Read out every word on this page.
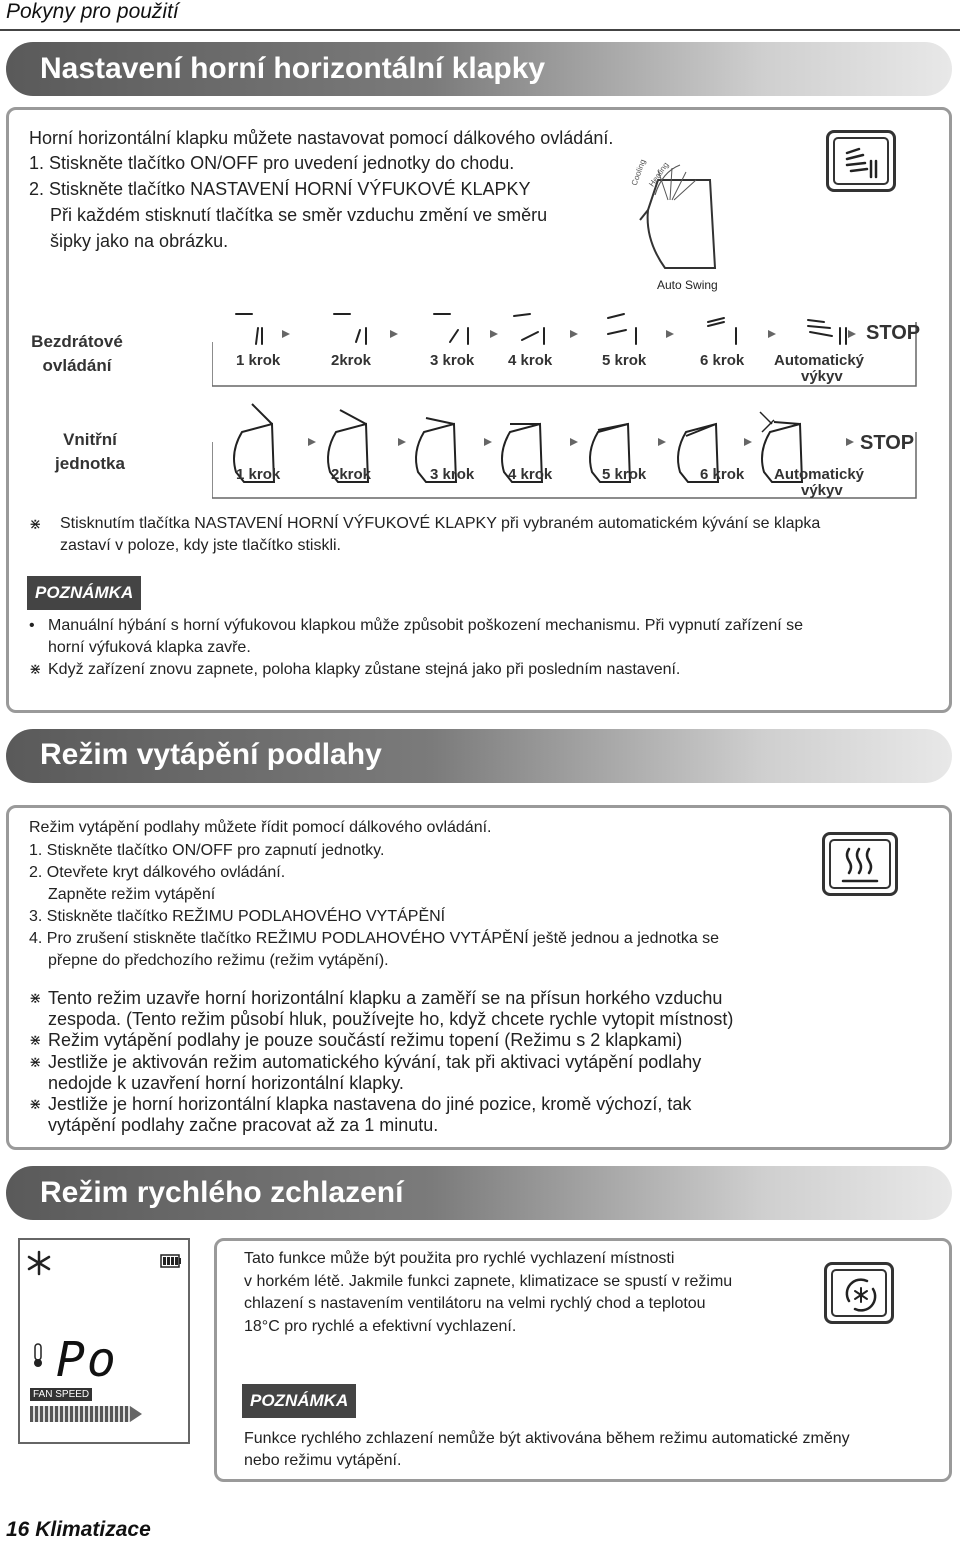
Pokyny pro použití
Nastavení horní horizontální klapky
Horní horizontální klapku můžete nastavovat pomocí dálkového ovládání.
1. Stiskněte tlačítko ON/OFF pro uvedení jednotky do chodu.
2. Stiskněte tlačítko NASTAVENÍ HORNÍ VÝFUKOVÉ KLAPKY
Při každém stisknutí tlačítka se směr vzduchu změní ve směru
šipky jako na obrázku.
Cooling Heating
Auto Swing
Bezdrátové ovládání
STOP
1 krok	2krok	3 krok 4 krok	5 krok	6 krok Automatický
výkyv
Vnitřní jednotka
STOP
1 krok	2krok	3 krok 4 krok	5 krok	6 krok Automatický
výkyv
⋇ Stisknutím tlačítka NASTAVENÍ HORNÍ VÝFUKOVÉ KLAPKY při vybraném automatickém kývání se klapka
zastaví v poloze, kdy jste tlačítko stiskli.
POZNÁMKA
• Manuální hýbání s horní výfukovou klapkou může způsobit poškození mechanismu. Při vypnutí zařízení se
horní výfuková klapka zavře.
⋇ Když zařízení znovu zapnete, poloha klapky zůstane stejná jako při posledním nastavení.
Režim vytápění podlahy
Režim vytápění podlahy můžete řídit pomocí dálkového ovládání.
1. Stiskněte tlačítko ON/OFF pro zapnutí jednotky.
2. Otevřete kryt dálkového ovládání.
Zapněte režim vytápění
3. Stiskněte tlačítko REŽIMU PODLAHOVÉHO VYTÁPĚNÍ
4. Pro zrušení stiskněte tlačítko REŽIMU PODLAHOVÉHO VYTÁPĚNÍ ještě jednou a jednotka se
přepne do předchozího režimu (režim vytápění).
⋇ Tento režim uzavře horní horizontální klapku a zaměří se na přísun horkého vzduchu
zespoda. (Tento režim působí hluk, používejte ho, když chcete rychle vytopit místnost)
⋇ Režim vytápění podlahy je pouze součástí režimu topení (Režimu s 2 klapkami)
⋇ Jestliže je aktivován režim automatického kývání, tak při aktivaci vytápění podlahy
nedojde k uzavření horní horizontální klapky.
⋇ Jestliže je horní horizontální klapka nastavena do jiné pozice, kromě výchozí, tak
vytápění podlahy začne pracovat až za 1 minutu.
Režim rychlého zchlazení
Po
FAN SPEED
Tato funkce může být použita pro rychlé vychlazení místnosti
v horkém létě. Jakmile funkci zapnete, klimatizace se spustí v režimu
chlazení s nastavením ventilátoru na velmi rychlý chod a teplotou
18°C pro rychlé a efektivní vychlazení.
POZNÁMKA
Funkce rychlého zchlazení nemůže být aktivována během režimu automatické změny
nebo režimu vytápění.
16 Klimatizace
